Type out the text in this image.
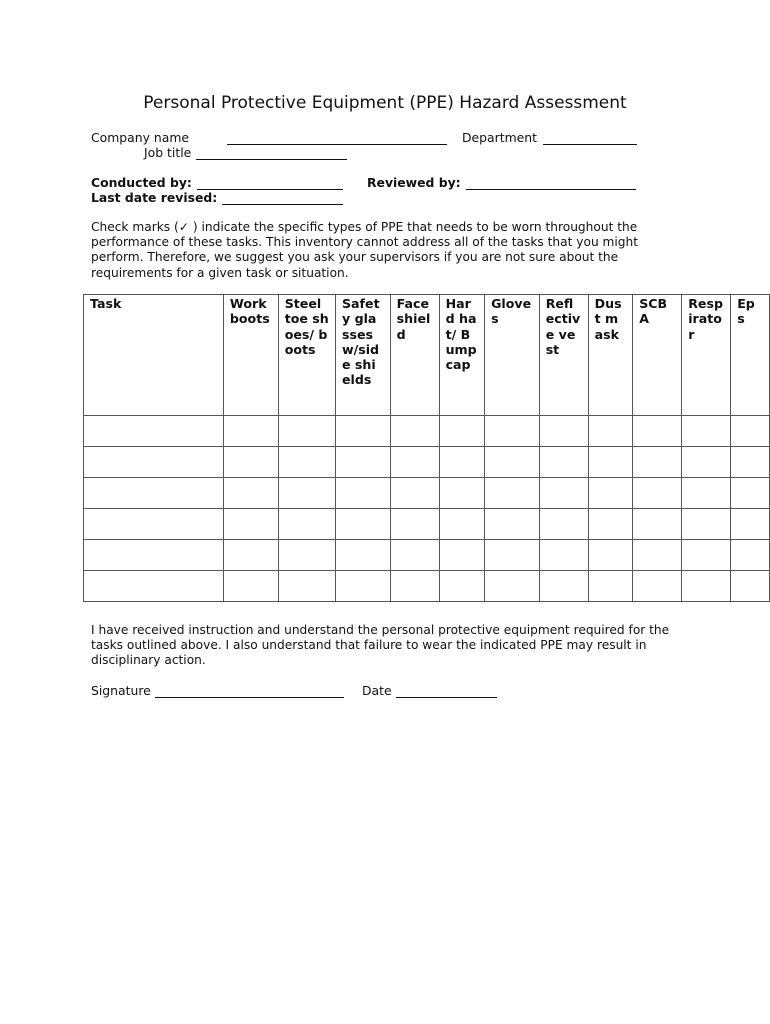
Personal Protective Equipment (PPE) Hazard Assessment
Company name	Department
Job title
Conducted by:	Reviewed by:
Last date revised:
Check marks (✓ ) indicate the specific types of PPE that needs to be worn throughout the performance of these tasks. This inventory cannot address all of the tasks that you might perform. Therefore, we suggest you ask your supervisors if you are not sure about the requirements for a given task or situation.
Task	Work boots	Steel toe shoes/ boots	Safety glasses w/side shields	Face shield	Hard hat/ Bump cap	Gloves	Reflective vest	Dust mask	SCBA	Respirator	Ep s

I have received instruction and understand the personal protective equipment required for the tasks outlined above. I also understand that failure to wear the indicated PPE may result in disciplinary action.
Signature	Date
